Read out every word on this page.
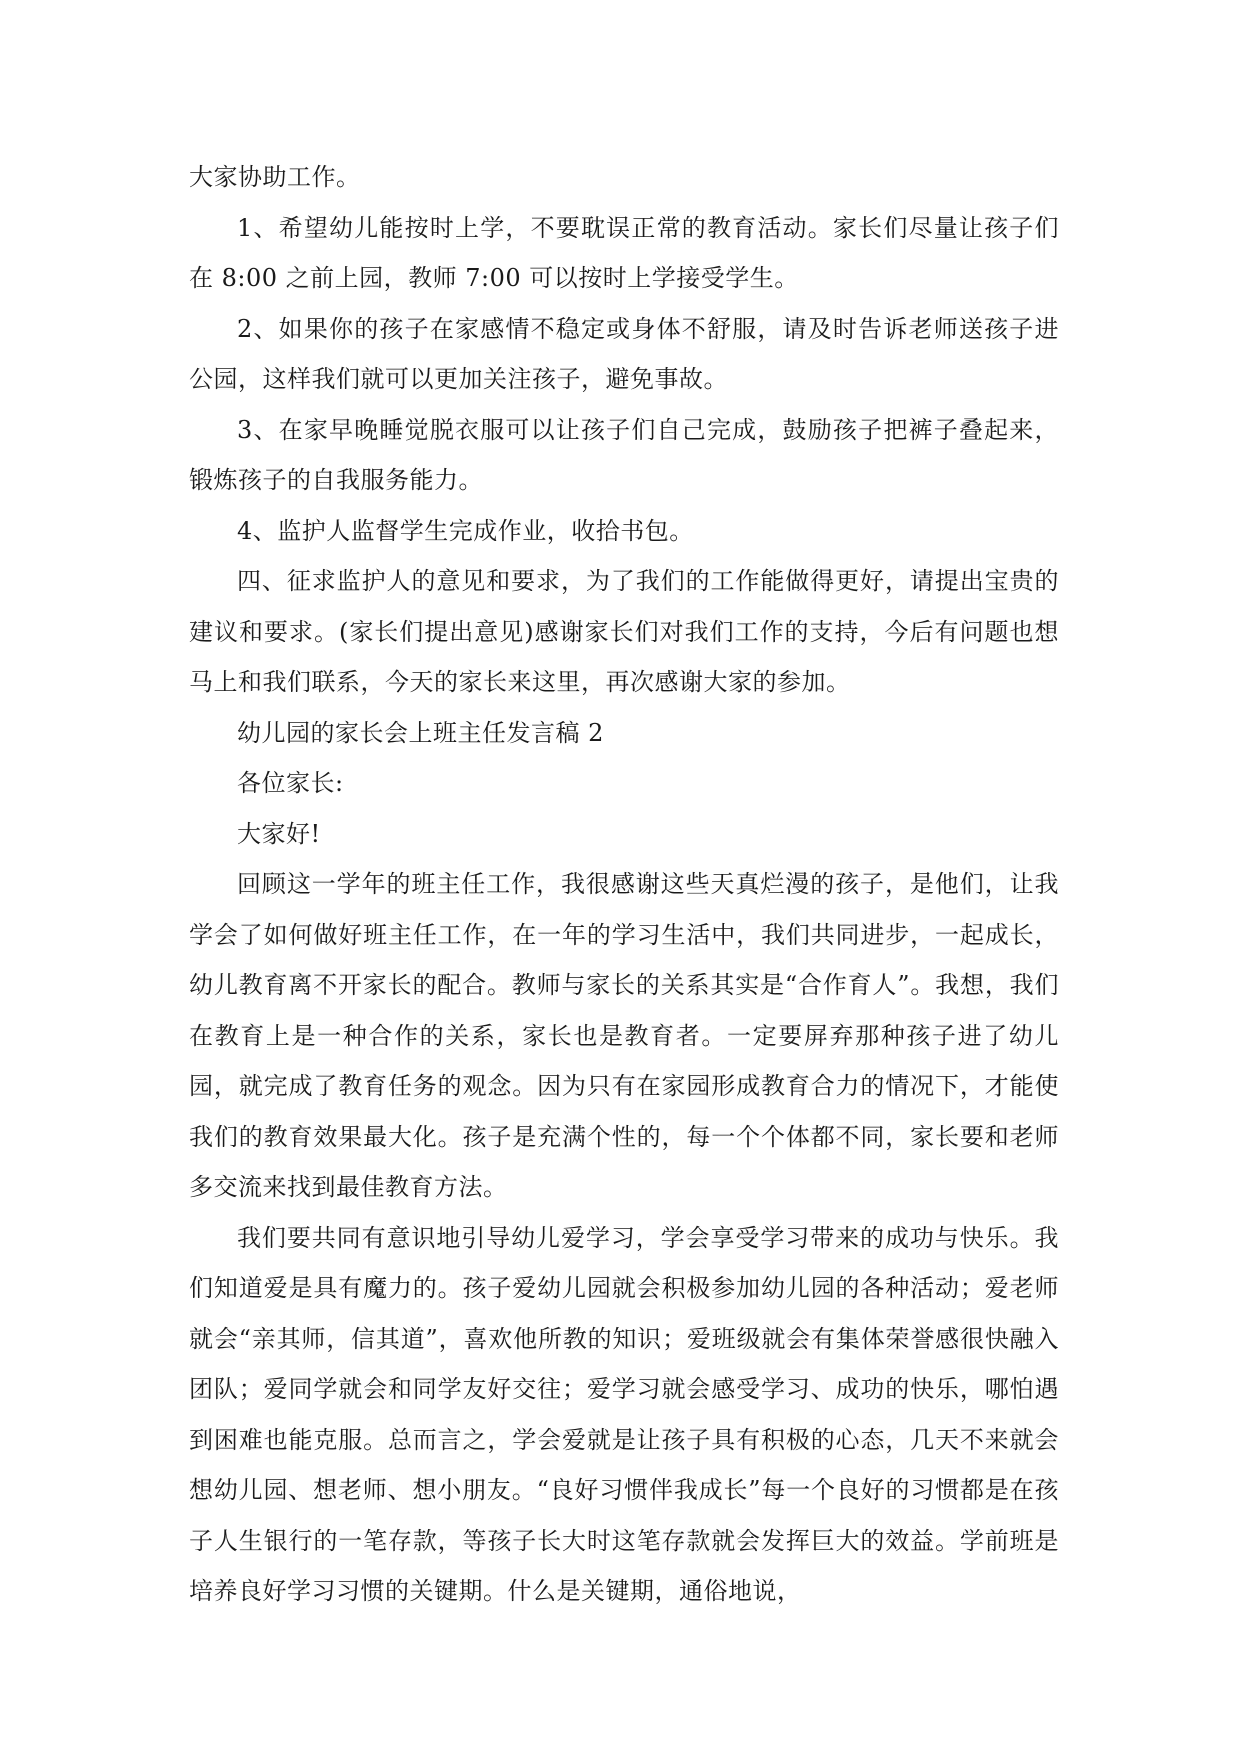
大家协助工作。

1、希望幼儿能按时上学，不要耽误正常的教育活动。家长们尽量让孩子们在 8:00 之前上园，教师 7:00 可以按时上学接受学生。

2、如果你的孩子在家感情不稳定或身体不舒服，请及时告诉老师送孩子进公园，这样我们就可以更加关注孩子，避免事故。

3、在家早晚睡觉脱衣服可以让孩子们自己完成，鼓励孩子把裤子叠起来，锻炼孩子的自我服务能力。

4、监护人监督学生完成作业，收拾书包。

四、征求监护人的意见和要求，为了我们的工作能做得更好，请提出宝贵的建议和要求。(家长们提出意见)感谢家长们对我们工作的支持，今后有问题也想马上和我们联系，今天的家长来这里，再次感谢大家的参加。

幼儿园的家长会上班主任发言稿 2

各位家长:

大家好!

回顾这一学年的班主任工作，我很感谢这些天真烂漫的孩子，是他们，让我学会了如何做好班主任工作，在一年的学习生活中，我们共同进步，一起成长，幼儿教育离不开家长的配合。教师与家长的关系其实是“合作育人”。我想，我们在教育上是一种合作的关系，家长也是教育者。一定要屏弃那种孩子进了幼儿园，就完成了教育任务的观念。因为只有在家园形成教育合力的情况下，才能使我们的教育效果最大化。孩子是充满个性的，每一个个体都不同，家长要和老师多交流来找到最佳教育方法。

我们要共同有意识地引导幼儿爱学习，学会享受学习带来的成功与快乐。我们知道爱是具有魔力的。孩子爱幼儿园就会积极参加幼儿园的各种活动；爱老师就会“亲其师，信其道”，喜欢他所教的知识；爱班级就会有集体荣誉感很快融入团队；爱同学就会和同学友好交往；爱学习就会感受学习、成功的快乐，哪怕遇到困难也能克服。总而言之，学会爱就是让孩子具有积极的心态，几天不来就会想幼儿园、想老师、想小朋友。“良好习惯伴我成长”每一个良好的习惯都是在孩子人生银行的一笔存款，等孩子长大时这笔存款就会发挥巨大的效益。学前班是培养良好学习习惯的关键期。什么是关键期，通俗地说，
